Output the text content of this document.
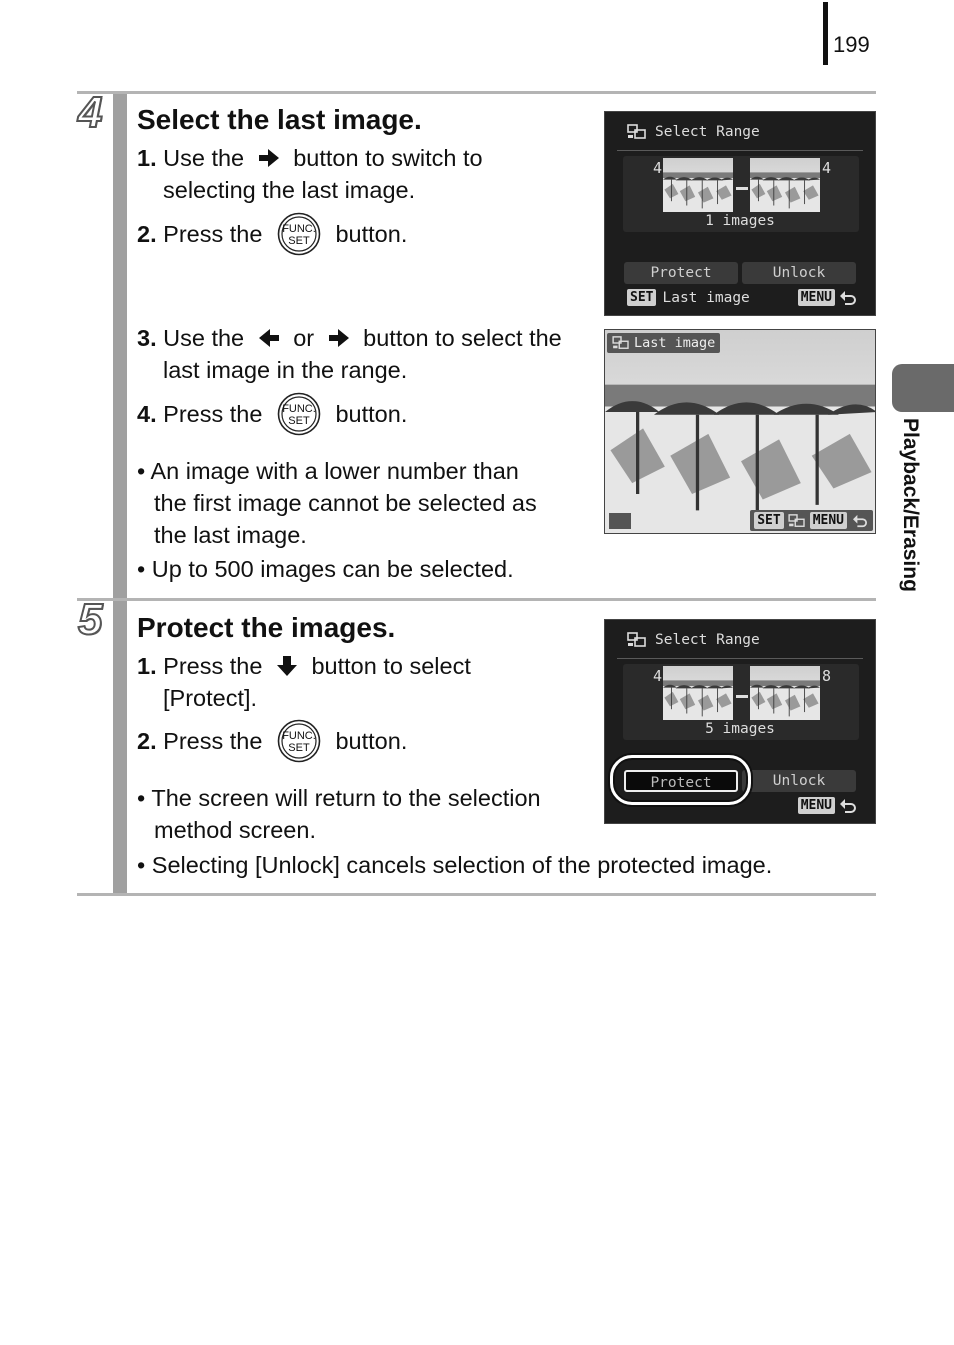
199
Playback/Erasing
4 Select the last image.
1. Use the button to switch to
selecting the last image.
2. Press the	button.
3. Use the or button to select the
last image in the range.
4. Press the	button.
• An image with a lower number than
the first image cannot be selected as
the last image.
• Up to 500 images can be selected.
Select Range
4	4
1 images
Protect	Unlock
SET Last image	MENU
Last image
SET MENU
5 Protect the images.
1. Press the button to select
[Protect].
2. Press the	button.
• The screen will return to the selection
method screen.
• Selecting [Unlock] cancels selection of the protected image.
Select Range
4	8
5 images
Protect	Unlock
MENU
